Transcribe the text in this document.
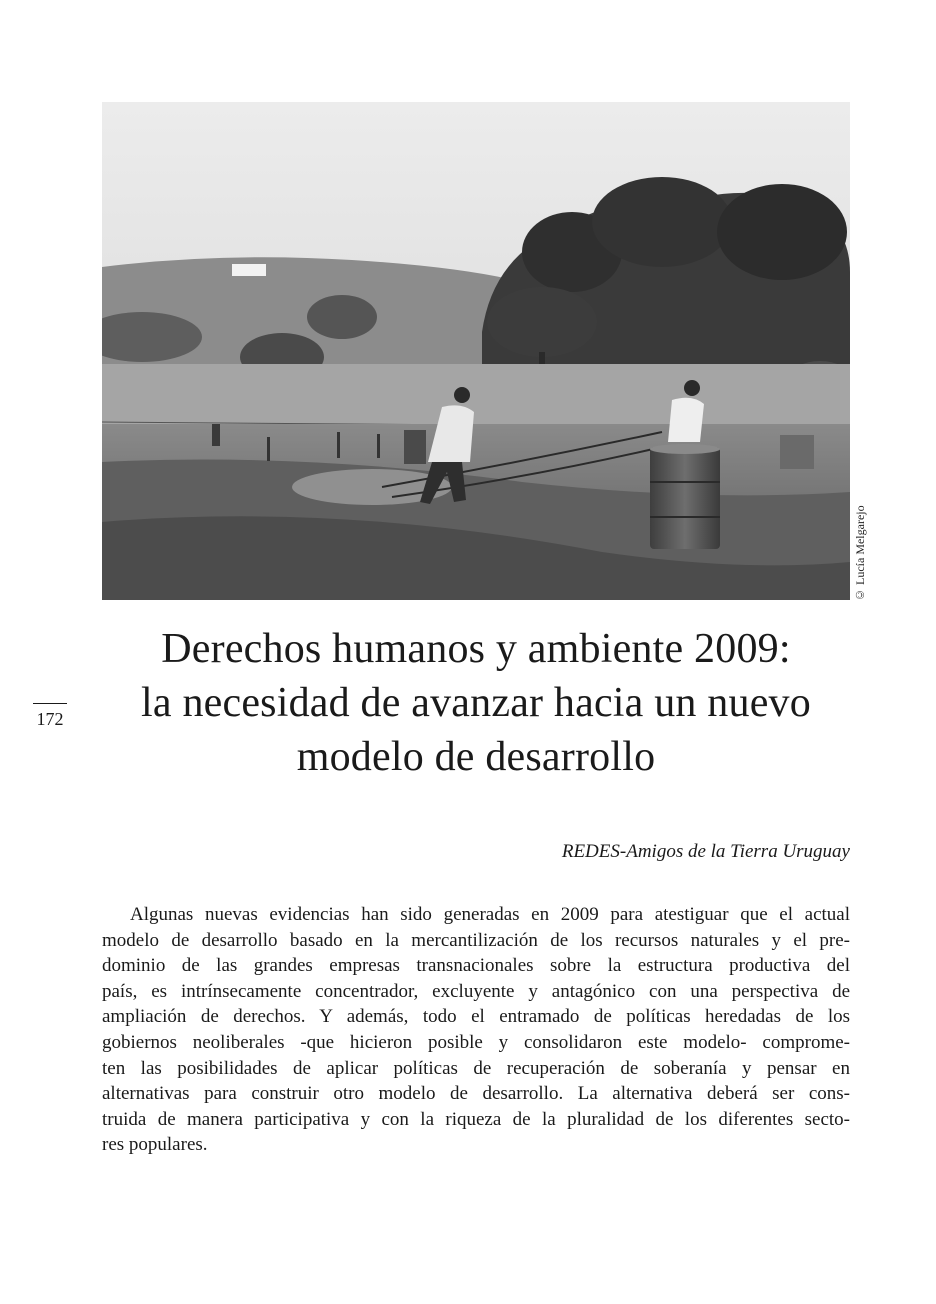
© Lucía Melgarejo
Derechos humanos y ambiente 2009:
la necesidad de avanzar hacia un nuevo
modelo de desarrollo
172
REDES-Amigos de la Tierra Uruguay

Algunas nuevas evidencias han sido generadas en 2009 para atestiguar que el actual
modelo de desarrollo basado en la mercantilización de los recursos naturales y el pre-
dominio de las grandes empresas transnacionales sobre la estructura productiva del
país, es intrínsecamente concentrador, excluyente y antagónico con una perspectiva de
ampliación de derechos. Y además, todo el entramado de políticas heredadas de los
gobiernos neoliberales -que hicieron posible y consolidaron este modelo- comprome-
ten las posibilidades de aplicar políticas de recuperación de soberanía y pensar en
alternativas para construir otro modelo de desarrollo. La alternativa deberá ser cons-
truida de manera participativa y con la riqueza de la pluralidad de los diferentes secto-
res populares.
